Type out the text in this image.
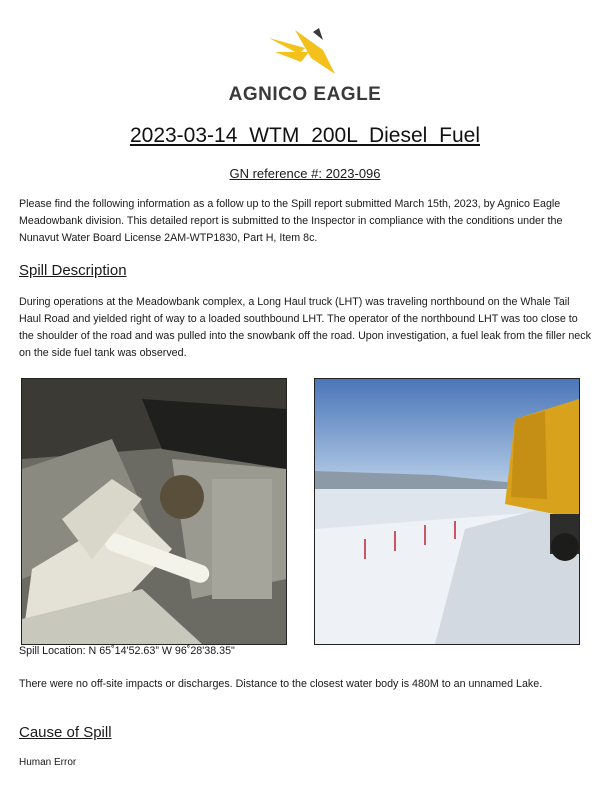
AGNICO EAGLE
2023-03-14 WTM 200L Diesel Fuel
GN reference #: 2023-096
Please find the following information as a follow up to the Spill report submitted March 15th, 2023, by Agnico Eagle Meadowbank division. This detailed report is submitted to the Inspector in compliance with the conditions under the Nunavut Water Board License 2AM-WTP1830, Part H, Item 8c.
Spill Description
During operations at the Meadowbank complex, a Long Haul truck (LHT) was traveling northbound on the Whale Tail Haul Road and yielded right of way to a loaded southbound LHT. The operator of the northbound LHT was too close to the shoulder of the road and was pulled into the snowbank off the road. Upon investigation, a fuel leak from the filler neck on the side fuel tank was observed.
Spill Location: N 65˚14'52.63” W 96˚28'38.35"
There were no off-site impacts or discharges. Distance to the closest water body is 480M to an unnamed Lake.
Cause of Spill
Human Error
